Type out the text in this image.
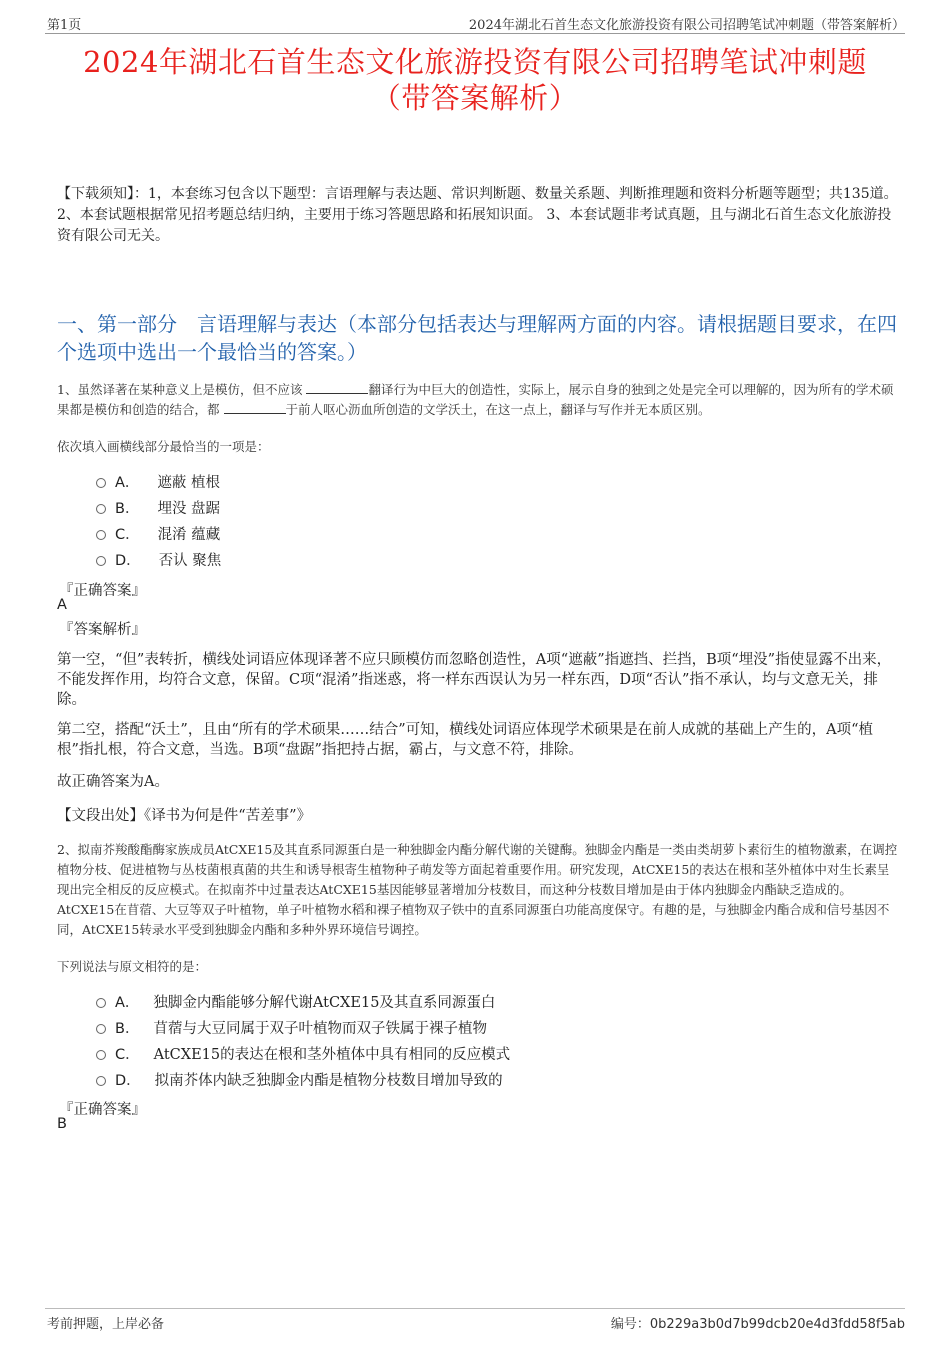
第1页	2024年湖北石首生态文化旅游投资有限公司招聘笔试冲刺题（带答案解析）
2024年湖北石首生态文化旅游投资有限公司招聘笔试冲刺题
（带答案解析）
【下载须知】：1，本套练习包含以下题型：言语理解与表达题、常识判断题、数量关系题、判断推理题和资料分析题等题型；共135道。 2、本套试题根据常见招考题总结归纳，主要用于练习答题思路和拓展知识面。 3、本套试题非考试真题，且与湖北石首生态文化旅游投资有限公司无关。
一、第一部分　言语理解与表达（本部分包括表达与理解两方面的内容。请根据题目要求，在四个选项中选出一个最恰当的答案。）
1、虽然译著在某种意义上是模仿，但不应该	翻译行为中巨大的创造性，实际上，展示自身的独到之处是完全可以理解的，因为所有的学术硕果都是模仿和创造的结合，都	于前人呕心沥血所创造的文学沃土，在这一点上，翻译与写作并无本质区别。
依次填入画横线部分最恰当的一项是：
A． 遮蔽 植根
B． 埋没 盘踞
C． 混淆 蕴藏
D． 否认 聚焦
『正确答案』
A
『答案解析』
第一空，“但”表转折，横线处词语应体现译著不应只顾模仿而忽略创造性，A项“遮蔽”指遮挡、拦挡，B项“埋没”指使显露不出来，不能发挥作用，均符合文意，保留。C项“混淆”指迷惑，将一样东西误认为另一样东西，D项“否认”指不承认，均与文意无关，排除。
第二空，搭配“沃土”，且由“所有的学术硕果……结合”可知，横线处词语应体现学术硕果是在前人成就的基础上产生的，A项“植根”指扎根，符合文意，当选。B项“盘踞”指把持占据，霸占，与文意不符，排除。
故正确答案为A。
【文段出处】《译书为何是件“苦差事”》
2、拟南芥羧酸酯酶家族成员AtCXE15及其直系同源蛋白是一种独脚金内酯分解代谢的关键酶。独脚金内酯是一类由类胡萝卜素衍生的植物激素，在调控植物分枝、促进植物与丛枝菌根真菌的共生和诱导根寄生植物种子萌发等方面起着重要作用。研究发现，AtCXE15的表达在根和茎外植体中对生长素呈现出完全相反的反应模式。在拟南芥中过量表达AtCXE15基因能够显著增加分枝数目，而这种分枝数目增加是由于体内独脚金内酯缺乏造成的。AtCXE15在苜蓿、大豆等双子叶植物，单子叶植物水稻和裸子植物双子铁中的直系同源蛋白功能高度保守。有趣的是，与独脚金内酯合成和信号基因不同，AtCXE15转录水平受到独脚金内酯和多种外界环境信号调控。
下列说法与原文相符的是：
A． 独脚金内酯能够分解代谢AtCXE15及其直系同源蛋白
B． 苜蓿与大豆同属于双子叶植物而双子铁属于裸子植物
C． AtCXE15的表达在根和茎外植体中具有相同的反应模式
D． 拟南芥体内缺乏独脚金内酯是植物分枝数目增加导致的
『正确答案』
B
考前押题，上岸必备	编号：0b229a3b0d7b99dcb20e4d3fdd58f5ab
